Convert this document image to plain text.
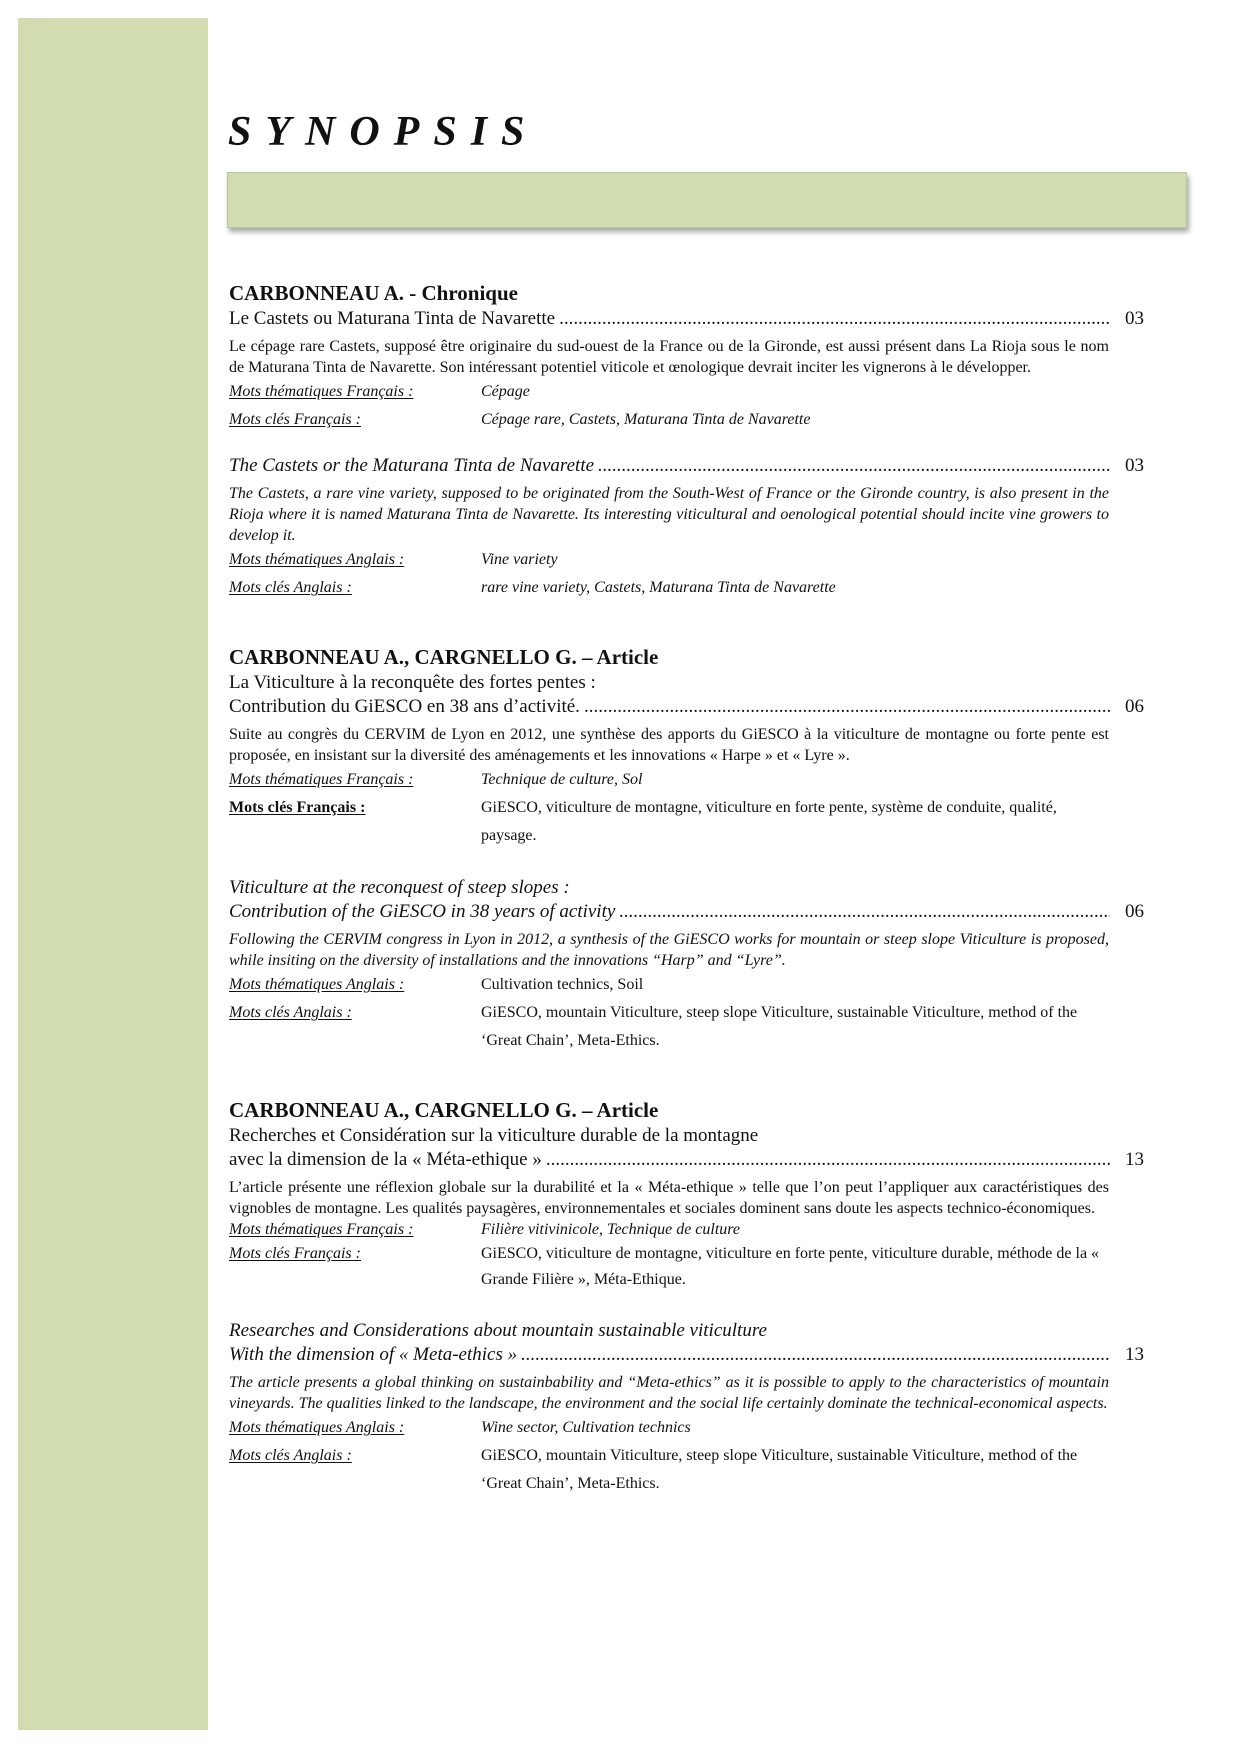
SYNOPSIS
CARBONNEAU A. - Chronique
Le Castets ou Maturana Tinta de Navarette .....	03
Le cépage rare Castets, supposé être originaire du sud-ouest de la France ou de la Gironde, est aussi présent dans La Rioja sous le nom de Maturana Tinta de Navarette. Son intéressant potentiel viticole et œnologique devrait inciter les vignerons à le développer.
Mots thématiques Français :	Cépage
Mots clés Français :	Cépage rare, Castets, Maturana Tinta de Navarette
The Castets or the Maturana Tinta de Navarette .....	03
The Castets, a rare vine variety, supposed to be originated from the South-West of France or the Gironde country, is also present in the Rioja where it is named Maturana Tinta de Navarette. Its interesting viticultural and oenological potential should incite vine growers to develop it.
Mots thématiques Anglais :	Vine variety
Mots clés Anglais :	rare vine variety, Castets, Maturana Tinta de Navarette
CARBONNEAU A., CARGNELLO G. – Article
La Viticulture à la reconquête des fortes pentes :
Contribution du GiESCO en 38 ans d’activité. .....	06
Suite au congrès du CERVIM de Lyon en 2012, une synthèse des apports du GiESCO à la viticulture de montagne ou forte pente est proposée, en insistant sur la diversité des aménagements et les innovations « Harpe » et « Lyre ».
Mots thématiques Français :	Technique de culture, Sol
Mots clés Français :	GiESCO, viticulture de montagne, viticulture en forte pente, système de conduite, qualité, paysage.
Viticulture at the reconquest of steep slopes :
Contribution of the GiESCO in 38 years of activity .....	06
Following the CERVIM congress in Lyon in 2012, a synthesis of the GiESCO works for mountain or steep slope Viticulture is proposed, while insiting on the diversity of installations and the innovations “Harp” and “Lyre”.
Mots thématiques Anglais :	Cultivation technics, Soil
Mots clés Anglais :	GiESCO, mountain Viticulture, steep slope Viticulture, sustainable Viticulture, method of the ‘Great Chain’, Meta-Ethics.
CARBONNEAU A., CARGNELLO G. – Article
Recherches et Considération sur la viticulture durable de la montagne
avec la dimension de la « Méta-ethique » .....	13
L’article présente une réflexion globale sur la durabilité et la « Méta-ethique » telle que l’on peut l’appliquer aux caractéristiques des vignobles de montagne. Les qualités paysagères, environnementales et sociales dominent sans doute les aspects technico-économiques.
Mots thématiques Français :	Filière vitivinicole, Technique de culture
Mots clés Français :	GiESCO, viticulture de montagne, viticulture en forte pente, viticulture durable, méthode de la « Grande Filière », Méta-Ethique.
Researches and Considerations about mountain sustainable viticulture
With the dimension of « Meta-ethics » .....	13
The article presents a global thinking on sustainbability and “Meta-ethics” as it is possible to apply to the characteristics of mountain vineyards. The qualities linked to the landscape, the environment and the social life certainly dominate the technical-economical aspects.
Mots thématiques Anglais :	Wine sector, Cultivation technics
Mots clés Anglais :	GiESCO, mountain Viticulture, steep slope Viticulture, sustainable Viticulture, method of the ‘Great Chain’, Meta-Ethics.
